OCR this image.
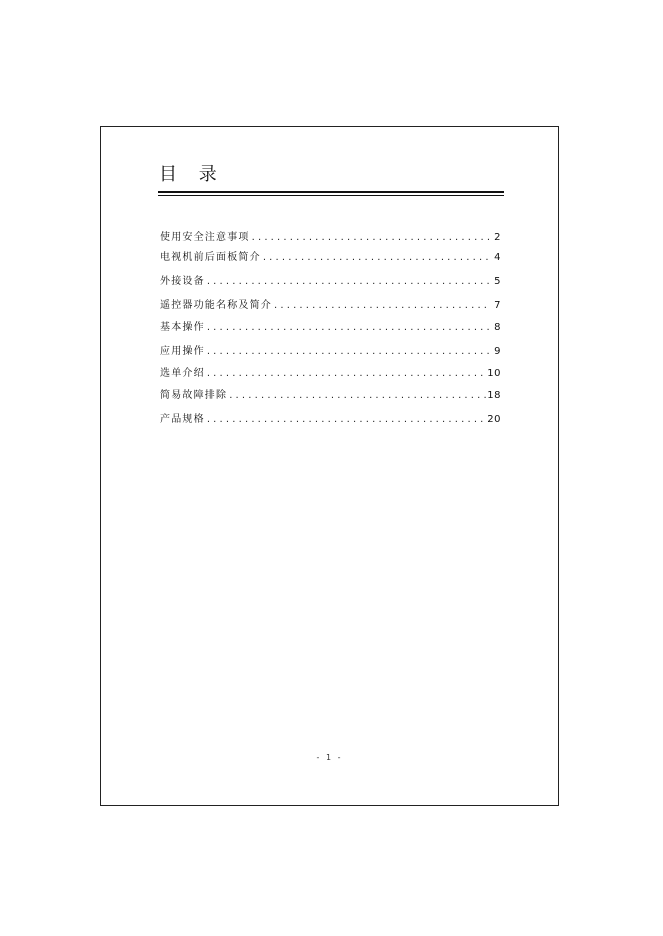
目 录
使用安全注意事项 . . .	2
电视机前后面板简介 . . .	4
外接设备 . . .	5
遥控器功能名称及简介 . . .	7
基本操作 . . .	8
应用操作 . . .	9
选单介绍 . . .	10
简易故障排除 . . .	18
产品规格 . . .	20
- 1 -
